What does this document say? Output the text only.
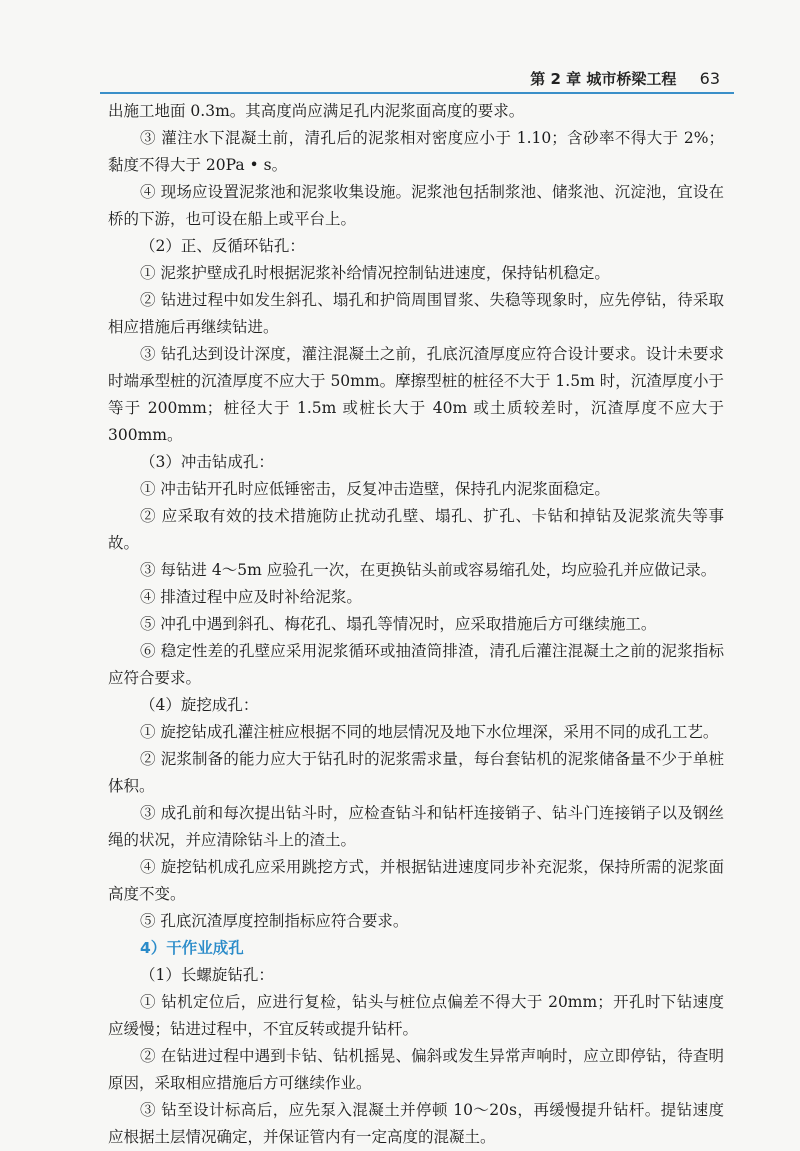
第 2 章 城市桥梁工程 63

出施工地面 0.3m。其高度尚应满足孔内泥浆面高度的要求。

③ 灌注水下混凝土前，清孔后的泥浆相对密度应小于 1.10；含砂率不得大于 2%；黏度不得大于 20Pa • s。

④ 现场应设置泥浆池和泥浆收集设施。泥浆池包括制浆池、储浆池、沉淀池，宜设在桥的下游，也可设在船上或平台上。

（2）正、反循环钻孔：

① 泥浆护壁成孔时根据泥浆补给情况控制钻进速度，保持钻机稳定。

② 钻进过程中如发生斜孔、塌孔和护筒周围冒浆、失稳等现象时，应先停钻，待采取相应措施后再继续钻进。

③ 钻孔达到设计深度，灌注混凝土之前，孔底沉渣厚度应符合设计要求。设计未要求时端承型桩的沉渣厚度不应大于 50mm。摩擦型桩的桩径不大于 1.5m 时，沉渣厚度小于等于 200mm；桩径大于 1.5m 或桩长大于 40m 或土质较差时，沉渣厚度不应大于 300mm。

（3）冲击钻成孔：

① 冲击钻开孔时应低锤密击，反复冲击造壁，保持孔内泥浆面稳定。

② 应采取有效的技术措施防止扰动孔壁、塌孔、扩孔、卡钻和掉钻及泥浆流失等事故。

③ 每钻进 4～5m 应验孔一次，在更换钻头前或容易缩孔处，均应验孔并应做记录。

④ 排渣过程中应及时补给泥浆。

⑤ 冲孔中遇到斜孔、梅花孔、塌孔等情况时，应采取措施后方可继续施工。

⑥ 稳定性差的孔壁应采用泥浆循环或抽渣筒排渣，清孔后灌注混凝土之前的泥浆指标应符合要求。

（4）旋挖成孔：

① 旋挖钻成孔灌注桩应根据不同的地层情况及地下水位埋深，采用不同的成孔工艺。

② 泥浆制备的能力应大于钻孔时的泥浆需求量，每台套钻机的泥浆储备量不少于单桩体积。

③ 成孔前和每次提出钻斗时，应检查钻斗和钻杆连接销子、钻斗门连接销子以及钢丝绳的状况，并应清除钻斗上的渣土。

④ 旋挖钻机成孔应采用跳挖方式，并根据钻进速度同步补充泥浆，保持所需的泥浆面高度不变。

⑤ 孔底沉渣厚度控制指标应符合要求。

4）干作业成孔

（1）长螺旋钻孔：

① 钻机定位后，应进行复检，钻头与桩位点偏差不得大于 20mm；开孔时下钻速度应缓慢；钻进过程中，不宜反转或提升钻杆。

② 在钻进过程中遇到卡钻、钻机摇晃、偏斜或发生异常声响时，应立即停钻，待查明原因，采取相应措施后方可继续作业。

③ 钻至设计标高后，应先泵入混凝土并停顿 10～20s，再缓慢提升钻杆。提钻速度应根据土层情况确定，并保证管内有一定高度的混凝土。
